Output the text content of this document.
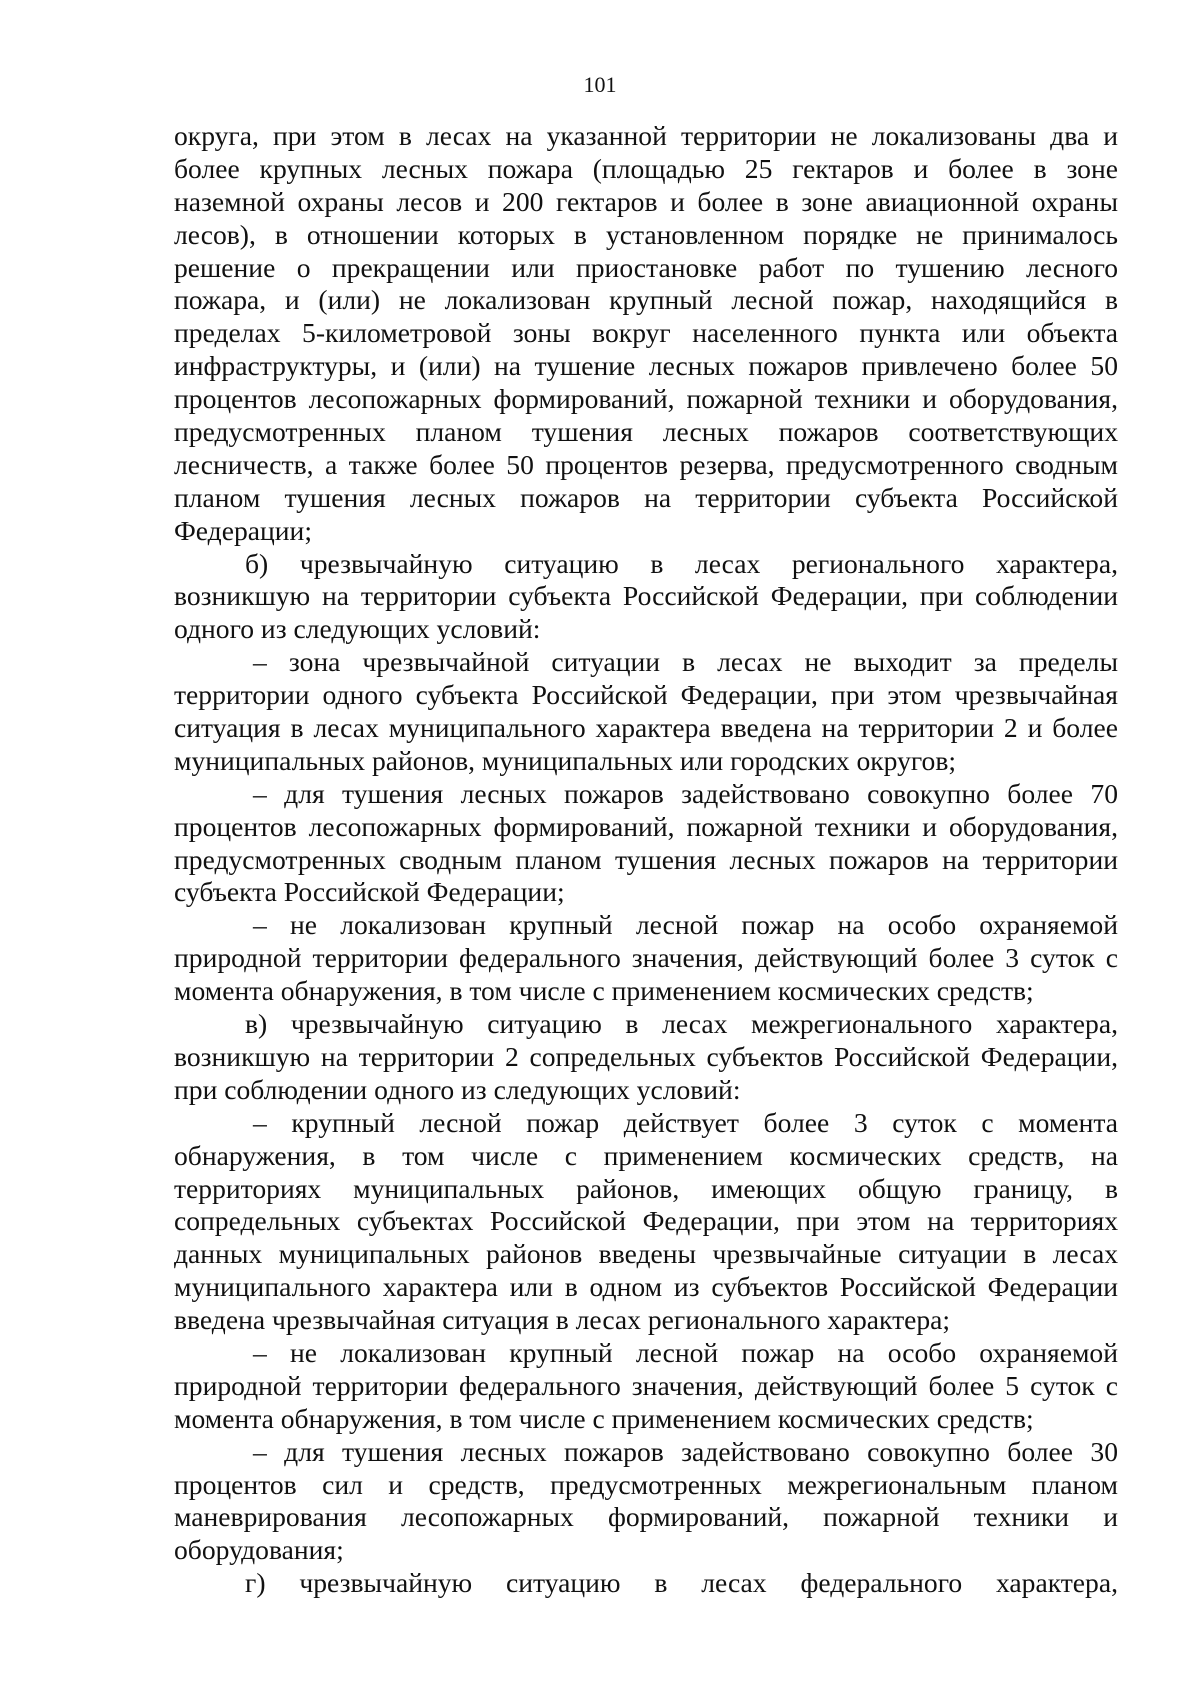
101
округа, при этом в лесах на указанной территории не локализованы два и
более крупных лесных пожара (площадью 25 гектаров и более в зоне
наземной охраны лесов и 200 гектаров и более в зоне авиационной охраны
лесов), в отношении которых в установленном порядке не принималось
решение о прекращении или приостановке работ по тушению лесного
пожара, и (или) не локализован крупный лесной пожар, находящийся в
пределах 5-километровой зоны вокруг населенного пункта или объекта
инфраструктуры, и (или) на тушение лесных пожаров привлечено более 50
процентов лесопожарных формирований, пожарной техники и оборудования,
предусмотренных планом тушения лесных пожаров соответствующих
лесничеств, а также более 50 процентов резерва, предусмотренного сводным
планом тушения лесных пожаров на территории субъекта Российской
Федерации;
б) чрезвычайную ситуацию в лесах регионального характера,
возникшую на территории субъекта Российской Федерации, при соблюдении
одного из следующих условий:
– зона чрезвычайной ситуации в лесах не выходит за пределы
территории одного субъекта Российской Федерации, при этом чрезвычайная
ситуация в лесах муниципального характера введена на территории 2 и более
муниципальных районов, муниципальных или городских округов;
– для тушения лесных пожаров задействовано совокупно более 70
процентов лесопожарных формирований, пожарной техники и оборудования,
предусмотренных сводным планом тушения лесных пожаров на территории
субъекта Российской Федерации;
– не локализован крупный лесной пожар на особо охраняемой
природной территории федерального значения, действующий более 3 суток с
момента обнаружения, в том числе с применением космических средств;
в) чрезвычайную ситуацию в лесах межрегионального характера,
возникшую на территории 2 сопредельных субъектов Российской Федерации,
при соблюдении одного из следующих условий:
– крупный лесной пожар действует более 3 суток с момента
обнаружения, в том числе с применением космических средств, на
территориях муниципальных районов, имеющих общую границу, в
сопредельных субъектах Российской Федерации, при этом на территориях
данных муниципальных районов введены чрезвычайные ситуации в лесах
муниципального характера или в одном из субъектов Российской Федерации
введена чрезвычайная ситуация в лесах регионального характера;
– не локализован крупный лесной пожар на особо охраняемой
природной территории федерального значения, действующий более 5 суток с
момента обнаружения, в том числе с применением космических средств;
– для тушения лесных пожаров задействовано совокупно более 30
процентов сил и средств, предусмотренных межрегиональным планом
маневрирования лесопожарных формирований, пожарной техники и
оборудования;
г) чрезвычайную ситуацию в лесах федерального характера,
